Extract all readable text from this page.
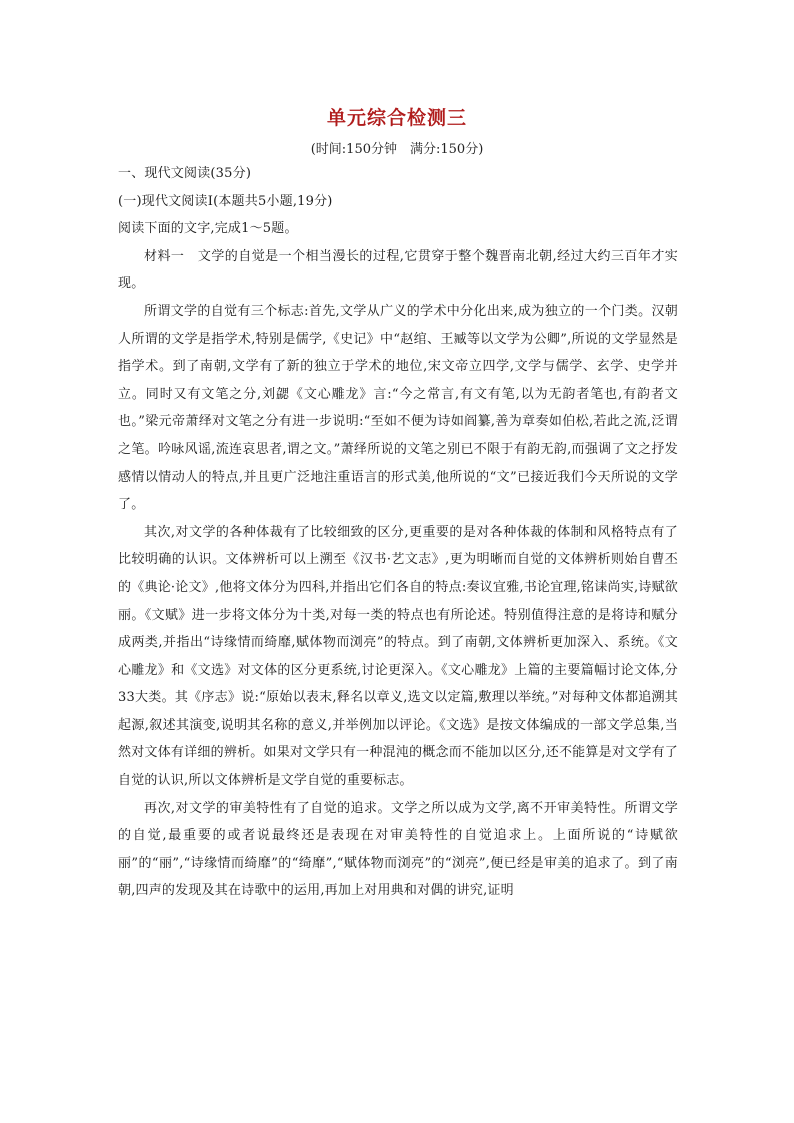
单元综合检测三
(时间:150分钟　满分:150分)

一、现代文阅读(35分)

(一)现代文阅读Ⅰ(本题共5小题,19分)

阅读下面的文字,完成1～5题。

材料一　文学的自觉是一个相当漫长的过程,它贯穿于整个魏晋南北朝,经过大约三百年才实现。

所谓文学的自觉有三个标志:首先,文学从广义的学术中分化出来,成为独立的一个门类。汉朝人所谓的文学是指学术,特别是儒学,《史记》中“赵绾、王臧等以文学为公卿”,所说的文学显然是指学术。到了南朝,文学有了新的独立于学术的地位,宋文帝立四学,文学与儒学、玄学、史学并立。同时又有文笔之分,刘勰《文心雕龙》言:“今之常言,有文有笔,以为无韵者笔也,有韵者文也。”梁元帝萧绎对文笔之分有进一步说明:“至如不便为诗如阎纂,善为章奏如伯松,若此之流,泛谓之笔。吟咏风谣,流连哀思者,谓之文。”萧绎所说的文笔之别已不限于有韵无韵,而强调了文之抒发感情以情动人的特点,并且更广泛地注重语言的形式美,他所说的“文”已接近我们今天所说的文学了。

其次,对文学的各种体裁有了比较细致的区分,更重要的是对各种体裁的体制和风格特点有了比较明确的认识。文体辨析可以上溯至《汉书·艺文志》,更为明晰而自觉的文体辨析则始自曹丕的《典论·论文》,他将文体分为四科,并指出它们各自的特点:奏议宜雅,书论宜理,铭诔尚实,诗赋欲丽。《文赋》进一步将文体分为十类,对每一类的特点也有所论述。特别值得注意的是将诗和赋分成两类,并指出“诗缘情而绮靡,赋体物而浏亮”的特点。到了南朝,文体辨析更加深入、系统。《文心雕龙》和《文选》对文体的区分更系统,讨论更深入。《文心雕龙》上篇的主要篇幅讨论文体,分33大类。其《序志》说:“原始以表末,释名以章义,选文以定篇,敷理以举统。”对每种文体都追溯其起源,叙述其演变,说明其名称的意义,并举例加以评论。《文选》是按文体编成的一部文学总集,当然对文体有详细的辨析。如果对文学只有一种混沌的概念而不能加以区分,还不能算是对文学有了自觉的认识,所以文体辨析是文学自觉的重要标志。

再次,对文学的审美特性有了自觉的追求。文学之所以成为文学,离不开审美特性。所谓文学的自觉,最重要的或者说最终还是表现在对审美特性的自觉追求上。上面所说的“诗赋欲丽”的“丽”,“诗缘情而绮靡”的“绮靡”,“赋体物而浏亮”的“浏亮”,便已经是审美的追求了。到了南朝,四声的发现及其在诗歌中的运用,再加上对用典和对偶的讲究,证明
